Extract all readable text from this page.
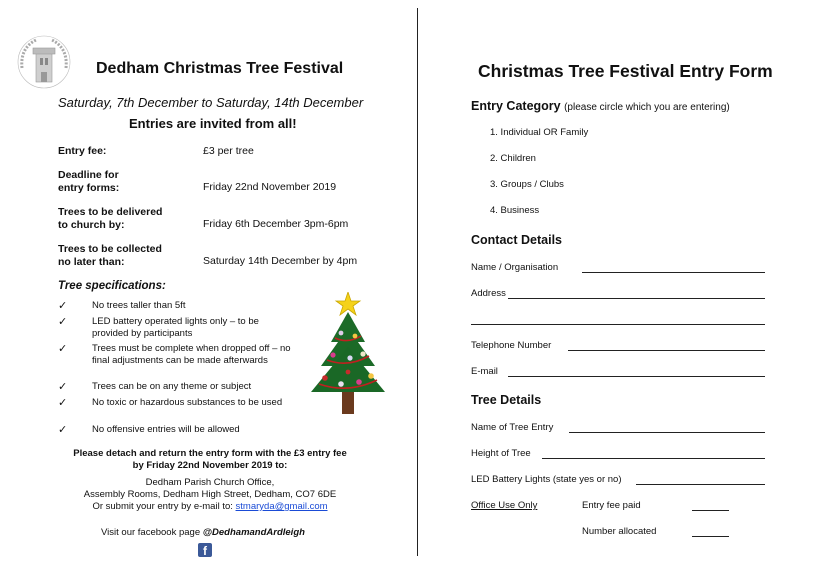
Dedham Christmas Tree Festival
Saturday, 7th December to Saturday, 14th December
Entries are invited from all!
Entry fee:	£3 per tree
Deadline for
entry forms:	Friday 22nd November 2019
Trees to be delivered
to church by:	Friday 6th December 3pm-6pm
Trees to be collected
no later than:	Saturday 14th December by 4pm
Tree specifications:
✓	No trees taller than 5ft
✓	LED battery operated lights only – to be provided by participants
✓	Trees must be complete when dropped off – no final adjustments can be made afterwards
✓	Trees can be on any theme or subject
✓	No toxic or hazardous substances to be used
✓	No offensive entries will be allowed
Please detach and return the entry form with the £3 entry fee
by Friday 22nd November 2019 to:
Dedham Parish Church Office,
Assembly Rooms, Dedham High Street, Dedham, CO7 6DE
Or submit your entry by e-mail to: stmaryda@gmail.com
Visit our facebook page @DedhamandArdleigh
f
Christmas Tree Festival Entry Form
Entry Category (please circle which you are entering)
1. Individual OR Family
2. Children
3. Groups / Clubs
4. Business
Contact Details
Name / Organisation
Address
Telephone Number
E-mail
Tree Details
Name of Tree Entry
Height of Tree
LED Battery Lights (state yes or no)
Office Use Only	Entry fee paid
Number allocated
